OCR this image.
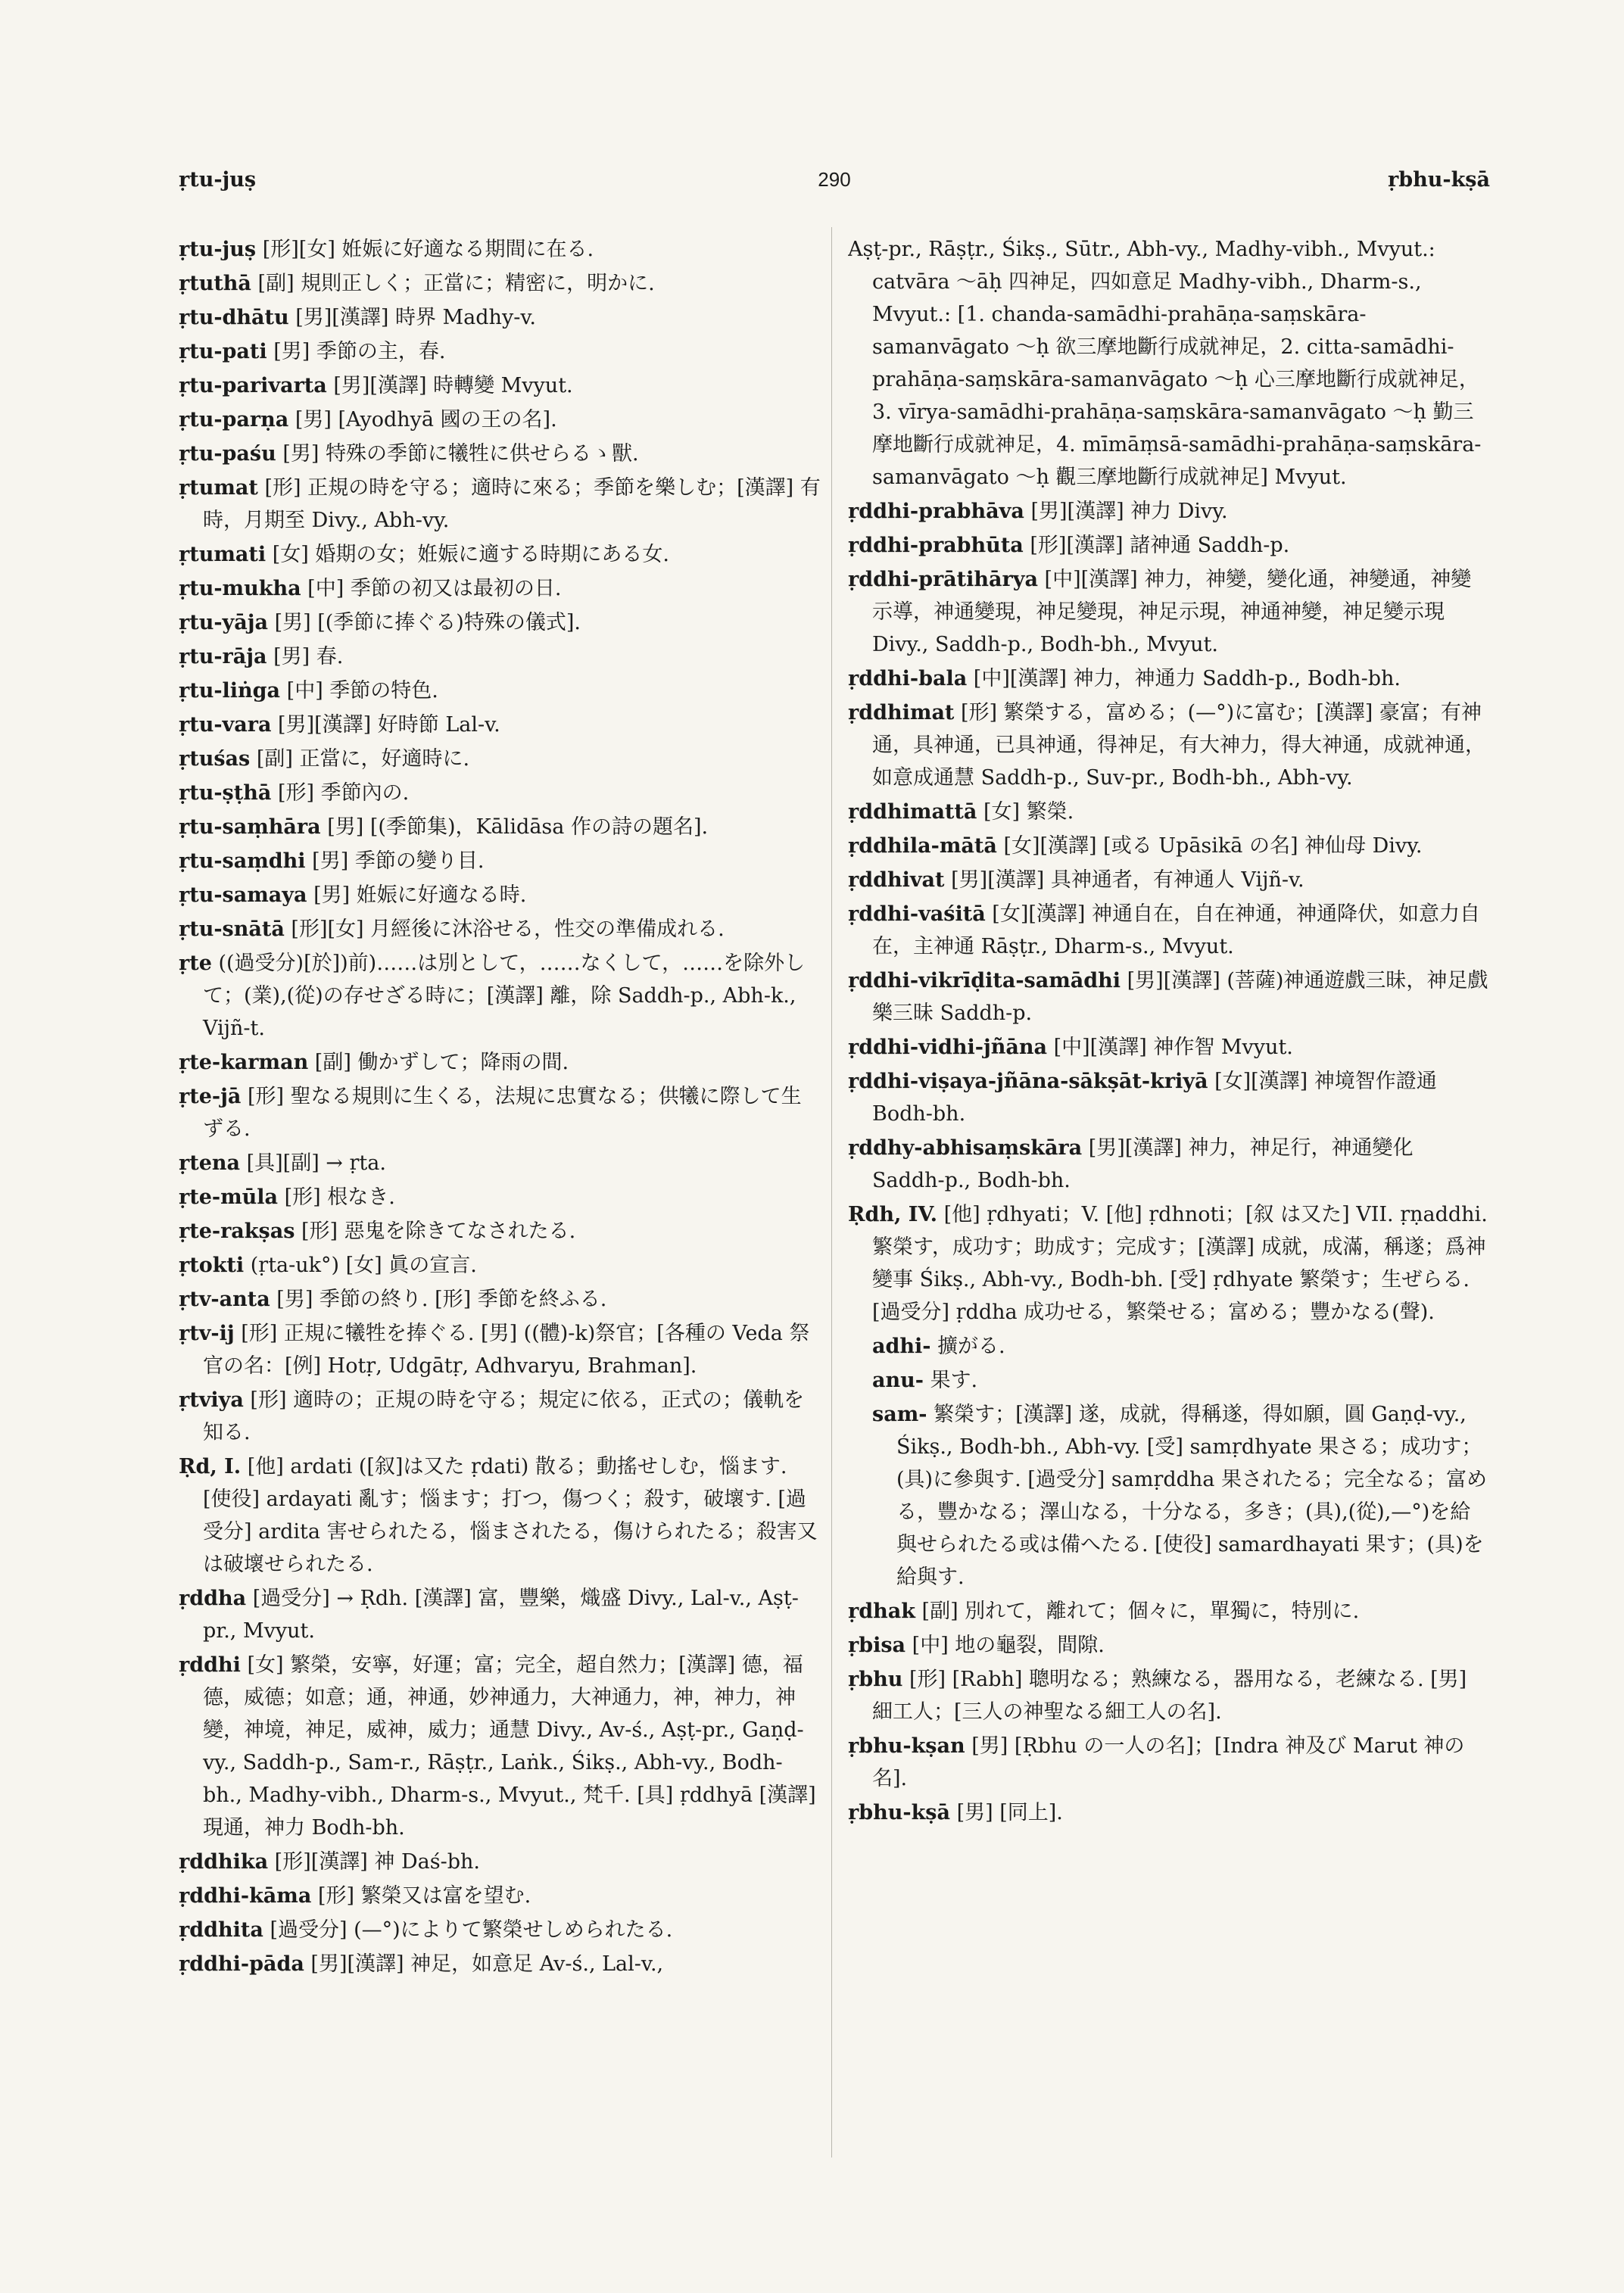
ṛtu-juṣ	290	ṛbhu-kṣā

ṛtu-juṣ [形][女] 姙娠に好適なる期間に在る.

ṛtuthā [副] 規則正しく；正當に；精密に，明かに.

ṛtu-dhātu [男][漢譯] 時界 Madhy-v.

ṛtu-pati [男] 季節の主，春.

ṛtu-parivarta [男][漢譯] 時轉變 Mvyut.

ṛtu-parṇa [男] [Ayodhyā 國の王の名].

ṛtu-paśu [男] 特殊の季節に犧牲に供せらるゝ獸.

ṛtumat [形] 正規の時を守る；適時に來る；季節を樂しむ；[漢譯] 有時，月期至 Divy., Abh-vy.

ṛtumati [女] 婚期の女；姙娠に適する時期にある女.

ṛtu-mukha [中] 季節の初又は最初の日.

ṛtu-yāja [男] [(季節に捧ぐる)特殊の儀式].

ṛtu-rāja [男] 春.

ṛtu-liṅga [中] 季節の特色.

ṛtu-vara [男][漢譯] 好時節 Lal-v.

ṛtuśas [副] 正當に，好適時に.

ṛtu-ṣṭhā [形] 季節內の.

ṛtu-saṃhāra [男] [(季節集)，Kālidāsa 作の詩の題名].

ṛtu-saṃdhi [男] 季節の變り目.

ṛtu-samaya [男] 姙娠に好適なる時.

ṛtu-snātā [形][女] 月經後に沐浴せる，性交の準備成れる.

ṛte ((過受分)[於])前)……は別として，……なくして，……を除外して；(業),(從)の存せざる時に；[漢譯] 離，除 Saddh-p., Abh-k., Vijñ-t.

ṛte-karman [副] 働かずして；降雨の間.

ṛte-jā [形] 聖なる規則に生くる，法規に忠實なる；供犧に際して生ずる.

ṛtena [具][副] → ṛta.

ṛte-mūla [形] 根なき.

ṛte-rakṣas [形] 惡鬼を除きてなされたる.

ṛtokti (ṛta-uk°) [女] 眞の宣言.

ṛtv-anta [男] 季節の終り. [形] 季節を終ふる.

ṛtv-ij [形] 正規に犧牲を捧ぐる. [男] ((體)-k)祭官；[各種の Veda 祭官の名：[例] Hotṛ, Udgātṛ, Adhvaryu, Brahman].

ṛtviya [形] 適時の；正規の時を守る；規定に依る，正式の；儀軌を知る.

Ṛd, I. [他] ardati ([叙]は又た ṛdati) 散る；動搖せしむ，惱ます. [使役] ardayati 亂す；惱ます；打つ，傷つく；殺す，破壞す. [過受分] ardita 害せられたる，惱まされたる，傷けられたる；殺害又は破壞せられたる.

ṛddha [過受分] → Ṛdh. [漢譯] 富，豐樂，熾盛 Divy., Lal-v., Aṣṭ-pr., Mvyut.

ṛddhi [女] 繁榮，安寧，好運；富；完全，超自然力；[漢譯] 德，福德，威德；如意；通，神通，妙神通力，大神通力，神，神力，神變，神境，神足，威神，威力；通慧 Divy., Av-ś., Aṣṭ-pr., Gaṇḍ-vy., Saddh-p., Sam-r., Rāṣṭr., Laṅk., Śikṣ., Abh-vy., Bodh-bh., Madhy-vibh., Dharm-s., Mvyut., 梵千. [具] ṛddhyā [漢譯] 現通，神力 Bodh-bh.

ṛddhika [形][漢譯] 神 Daś-bh.

ṛddhi-kāma [形] 繁榮又は富を望む.

ṛddhita [過受分] (—°)によりて繁榮せしめられたる.

ṛddhi-pāda [男][漢譯] 神足，如意足 Av-ś., Lal-v.,

Aṣṭ-pr., Rāṣṭr., Śikṣ., Sūtr., Abh-vy., Madhy-vibh., Mvyut.: catvāra ～āḥ 四神足，四如意足 Madhy-vibh., Dharm-s., Mvyut.: [1. chanda-samādhi-prahāṇa-saṃskāra-samanvāgato ～ḥ 欲三摩地斷行成就神足，2. citta-samādhi-prahāṇa-saṃskāra-samanvāgato ～ḥ 心三摩地斷行成就神足，3. vīrya-samādhi-prahāṇa-saṃskāra-samanvāgato ～ḥ 勤三摩地斷行成就神足，4. mīmāṃsā-samādhi-prahāṇa-saṃskāra-samanvāgato ～ḥ 觀三摩地斷行成就神足] Mvyut.

ṛddhi-prabhāva [男][漢譯] 神力 Divy.

ṛddhi-prabhūta [形][漢譯] 諸神通 Saddh-p.

ṛddhi-prātihārya [中][漢譯] 神力，神變，變化通，神變通，神變示導，神通變現，神足變現，神足示現，神通神變，神足變示現 Divy., Saddh-p., Bodh-bh., Mvyut.

ṛddhi-bala [中][漢譯] 神力，神通力 Saddh-p., Bodh-bh.

ṛddhimat [形] 繁榮する，富める；(—°)に富む；[漢譯] 豪富；有神通，具神通，已具神通，得神足，有大神力，得大神通，成就神通，如意成通慧 Saddh-p., Suv-pr., Bodh-bh., Abh-vy.

ṛddhimattā [女] 繁榮.

ṛddhila-mātā [女][漢譯] [或る Upāsikā の名] 神仙母 Divy.

ṛddhivat [男][漢譯] 具神通者，有神通人 Vijñ-v.

ṛddhi-vaśitā [女][漢譯] 神通自在，自在神通，神通降伏，如意力自在，主神通 Rāṣṭr., Dharm-s., Mvyut.

ṛddhi-vikrīḍita-samādhi [男][漢譯] (菩薩)神通遊戲三昧，神足戲樂三昧 Saddh-p.

ṛddhi-vidhi-jñāna [中][漢譯] 神作智 Mvyut.

ṛddhi-viṣaya-jñāna-sākṣāt-kriyā [女][漢譯] 神境智作證通 Bodh-bh.

ṛddhy-abhisaṃskāra [男][漢譯] 神力，神足行，神通變化 Saddh-p., Bodh-bh.

Ṛdh, IV. [他] ṛdhyati；V. [他] ṛdhnoti；[叙 は又た] VII. ṛṇaddhi. 繁榮す，成功す；助成す；完成す；[漢譯] 成就，成滿，稱遂；爲神變事 Śikṣ., Abh-vy., Bodh-bh. [受] ṛdhyate 繁榮す；生ぜらる. [過受分] ṛddha 成功せる，繁榮せる；富める；豐かなる(聲).

adhi- 擴がる.

anu- 果す.

sam- 繁榮す；[漢譯] 遂，成就，得稱遂，得如願，圓 Gaṇḍ-vy., Śikṣ., Bodh-bh., Abh-vy. [受] samṛdhyate 果さる；成功す；(具)に參與す. [過受分] samṛddha 果されたる；完全なる；富める，豐かなる；澤山なる，十分なる，多き；(具),(從),—°)を給與せられたる或は備へたる. [使役] samardhayati 果す；(具)を給與す.

ṛdhak [副] 別れて，離れて；個々に，單獨に，特別に.

ṛbisa [中] 地の龜裂，間隙.

ṛbhu [形] [Rabh] 聰明なる；熟練なる，器用なる，老練なる. [男] 細工人；[三人の神聖なる細工人の名].

ṛbhu-kṣan [男] [Ṛbhu の一人の名]；[Indra 神及び Marut 神の名].

ṛbhu-kṣā [男] [同上].
